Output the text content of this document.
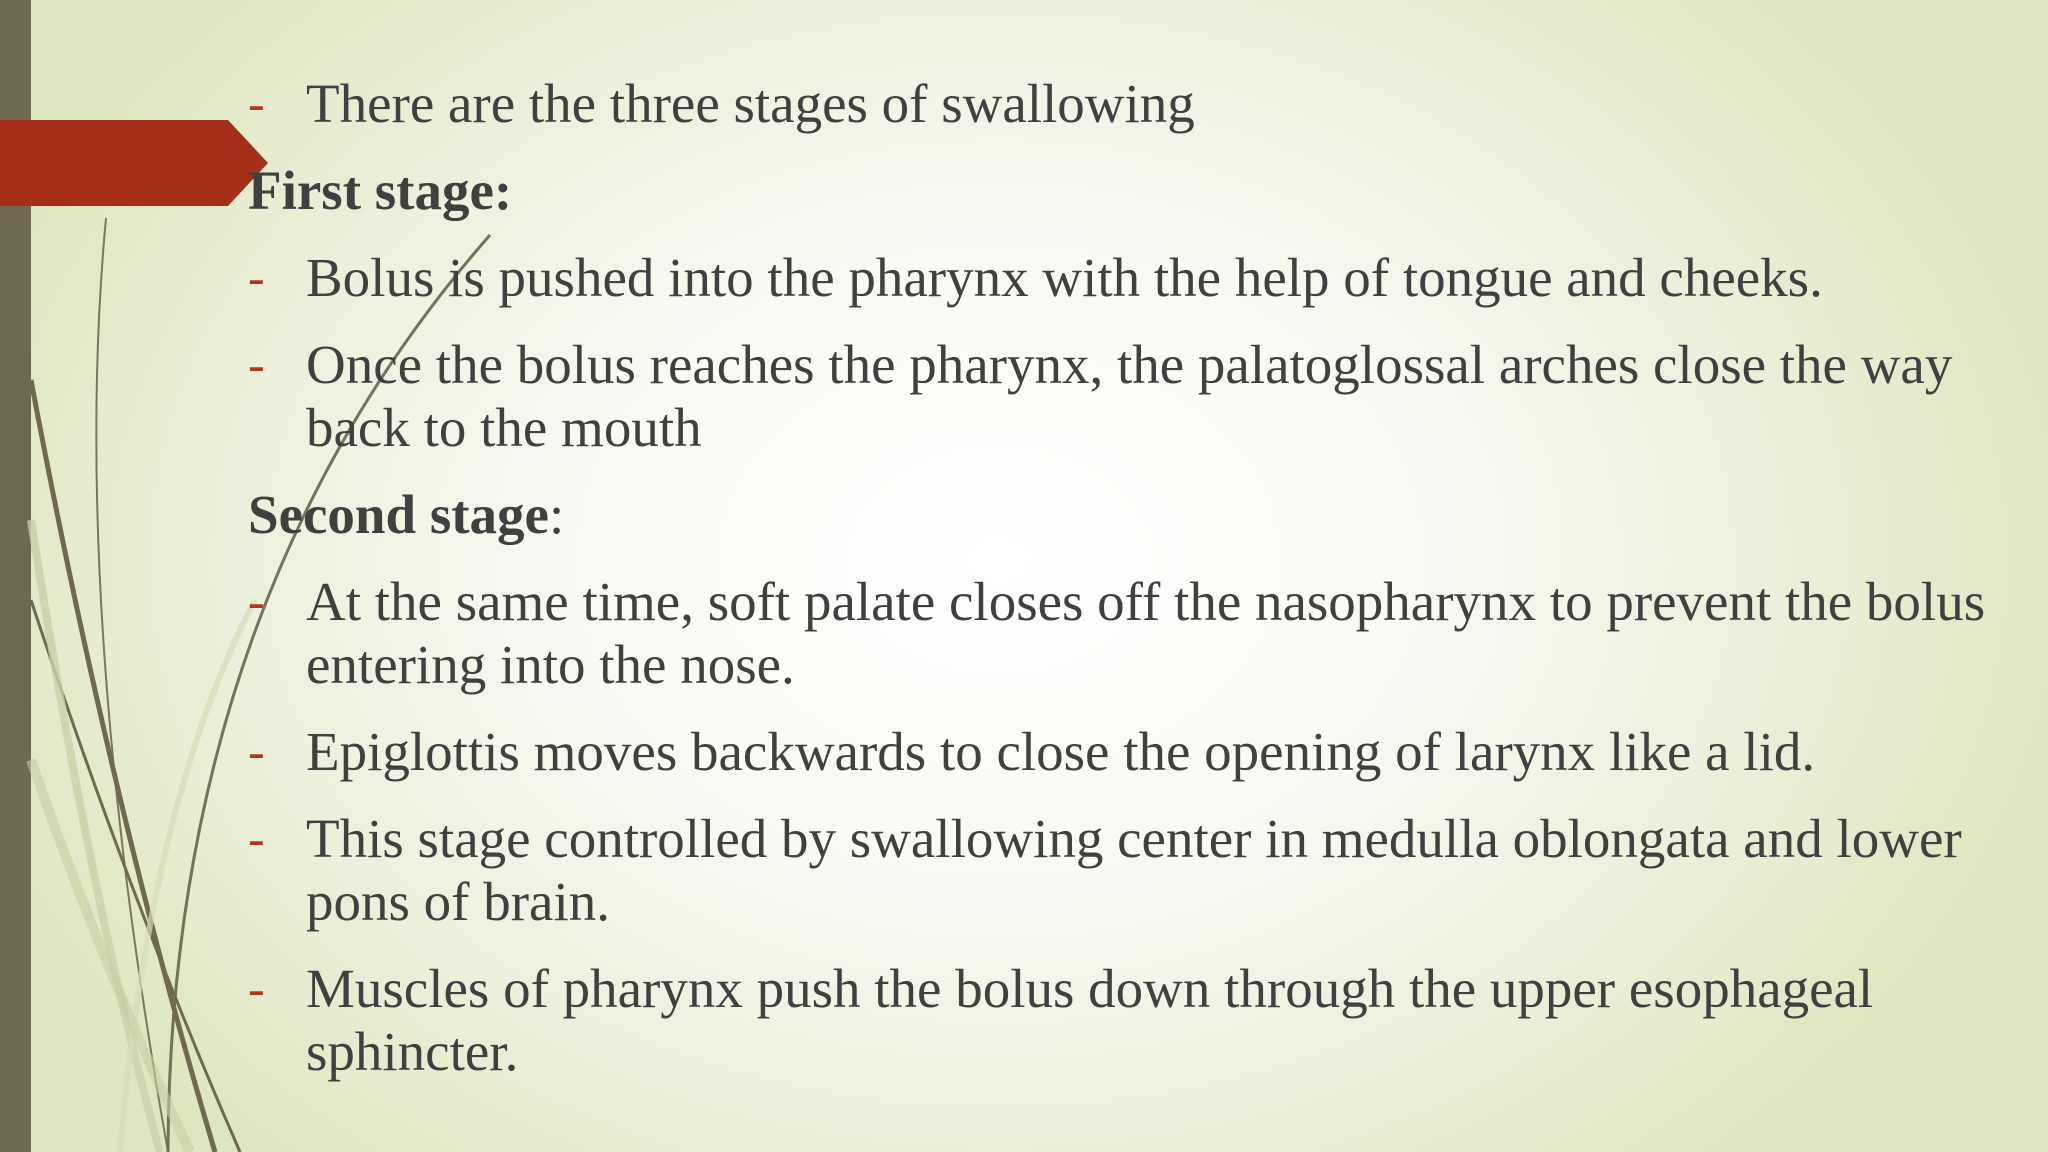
- There are the three stages of swallowing
First stage:
- Bolus is pushed into the pharynx with the help of tongue and cheeks.
- Once the bolus reaches the pharynx, the palatoglossal arches close the way back to the mouth
Second stage:
- At the same time, soft palate closes off the nasopharynx to prevent the bolus entering into the nose.
- Epiglottis moves backwards to close the opening of larynx like a lid.
- This stage controlled by swallowing center in medulla oblongata and lower pons of brain.
- Muscles of pharynx push the bolus down through the upper esophageal sphincter.
